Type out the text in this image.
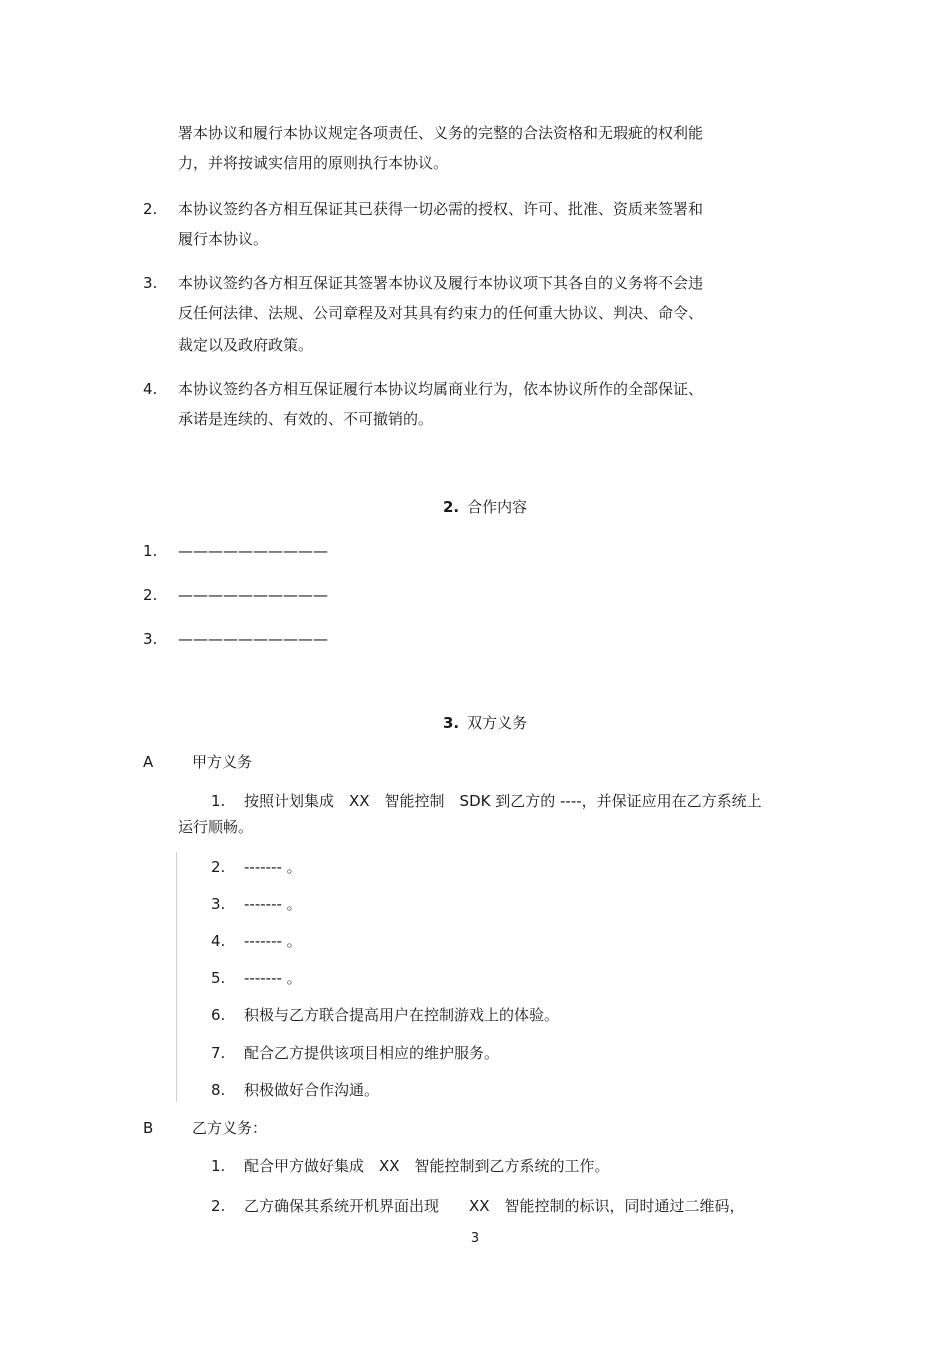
署本协议和履行本协议规定各项责任、义务的完整的合法资格和无瑕疵的权利能
力，并将按诚实信用的原则执行本协议。
2. 本协议签约各方相互保证其已获得一切必需的授权、许可、批准、资质来签署和
履行本协议。
3. 本协议签约各方相互保证其签署本协议及履行本协议项下其各自的义务将不会违
反任何法律、法规、公司章程及对其具有约束力的任何重大协议、判决、命令、
裁定以及政府政策。
4. 本协议签约各方相互保证履行本协议均属商业行为，依本协议所作的全部保证、
承诺是连续的、有效的、不可撤销的。
2. 合作内容
1. ——————————
2. ——————————
3. ——————————
3. 双方义务
A	甲方义务
1. 按照计划集成　XX　智能控制　SDK 到乙方的 ----，并保证应用在乙方系统上
运行顺畅。
2. ------- 。
3. ------- 。
4. ------- 。
5. ------- 。
6. 积极与乙方联合提高用户在控制游戏上的体验。
7. 配合乙方提供该项目相应的维护服务。
8. 积极做好合作沟通。
B	乙方义务：
1. 配合甲方做好集成　XX　智能控制到乙方系统的工作。
2. 乙方确保其系统开机界面出现　　XX　智能控制的标识，同时通过二维码，
3
